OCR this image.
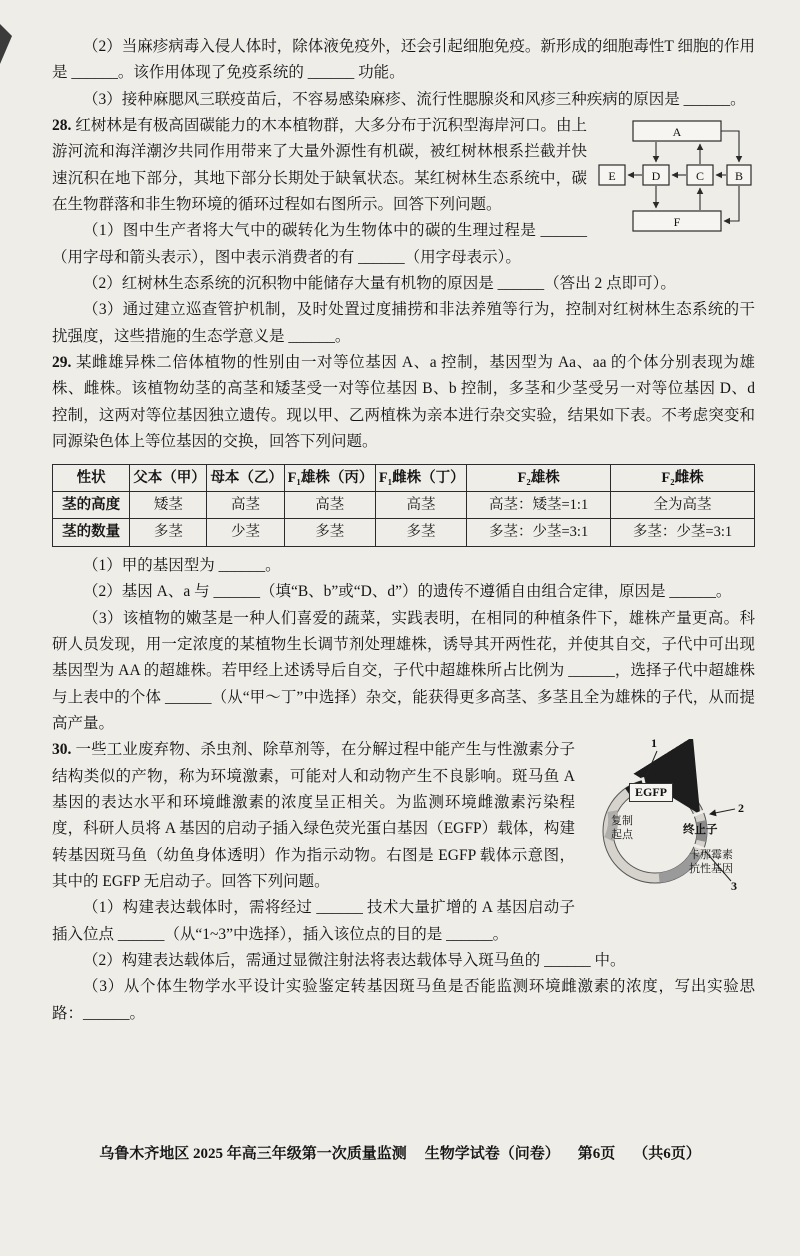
（2）当麻疹病毒入侵人体时，除体液免疫外，还会引起细胞免疫。新形成的细胞毒性T 细胞的作用是 ______。该作用体现了免疫系统的 ______ 功能。

（3）接种麻腮风三联疫苗后，不容易感染麻疹、流行性腮腺炎和风疹三种疾病的原因是 ______。

A
E	D	C	B
F

28. 红树林是有极高固碳能力的木本植物群，大多分布于沉积型海岸河口。由上游河流和海洋潮汐共同作用带来了大量外源性有机碳，被红树林根系拦截并快速沉积在地下部分，其地下部分长期处于缺氧状态。某红树林生态系统中，碳在生物群落和非生物环境的循环过程如右图所示。回答下列问题。

（1）图中生产者将大气中的碳转化为生物体中的碳的生理过程是 ______（用字母和箭头表示），图中表示消费者的有 ______（用字母表示）。

（2）红树林生态系统的沉积物中能储存大量有机物的原因是 ______（答出 2 点即可）。

（3）通过建立巡查管护机制，及时处置过度捕捞和非法养殖等行为，控制对红树林生态系统的干扰强度，这些措施的生态学意义是 ______。

29. 某雌雄异株二倍体植物的性别由一对等位基因 A、a 控制，基因型为 Aa、aa 的个体分别表现为雄株、雌株。该植物幼茎的高茎和矮茎受一对等位基因 B、b 控制，多茎和少茎受另一对等位基因 D、d 控制，这两对等位基因独立遗传。现以甲、乙两植株为亲本进行杂交实验，结果如下表。不考虑突变和同源染色体上等位基因的交换，回答下列问题。

性状	父本（甲）	母本（乙）	F₁雄株（丙）	F₁雌株（丁）	F₂雄株	F₂雌株
茎的高度	矮茎	高茎	高茎	高茎	高茎：矮茎=1:1	全为高茎
茎的数量	多茎	少茎	多茎	多茎	多茎：少茎=3:1	多茎：少茎=3:1

（1）甲的基因型为 ______。

（2）基因 A、a 与 ______（填“B、b”或“D、d”）的遗传不遵循自由组合定律，原因是 ______。

（3）该植物的嫩茎是一种人们喜爱的蔬菜，实践表明，在相同的种植条件下，雄株产量更高。科研人员发现，用一定浓度的某植物生长调节剂处理雄株，诱导其开两性花，并使其自交，子代中可出现基因型为 AA 的超雄株。若甲经上述诱导后自交，子代中超雄株所占比例为 ______，选择子代中超雄株与上表中的个体 ______（从“甲～丁”中选择）杂交，能获得更多高茎、多茎且全为雄株的子代，从而提高产量。

1
2
3
EGFP
复制起点	终止子
卡那霉素抗性基因

30. 一些工业废弃物、杀虫剂、除草剂等，在分解过程中能产生与性激素分子结构类似的产物，称为环境激素，可能对人和动物产生不良影响。斑马鱼 A 基因的表达水平和环境雌激素的浓度呈正相关。为监测环境雌激素污染程度，科研人员将 A 基因的启动子插入绿色荧光蛋白基因（EGFP）载体，构建转基因斑马鱼（幼鱼身体透明）作为指示动物。右图是 EGFP 载体示意图，其中的 EGFP 无启动子。回答下列问题。

（1）构建表达载体时，需将经过 ______ 技术大量扩增的 A 基因启动子插入位点 ______（从“1~3”中选择），插入该位点的目的是 ______。

（2）构建表达载体后，需通过显微注射法将表达载体导入斑马鱼的 ______ 中。

（3）从个体生物学水平设计实验鉴定转基因斑马鱼是否能监测环境雌激素的浓度，写出实验思路：______。

乌鲁木齐地区 2025 年高三年级第一次质量监测 生物学试卷（问卷） 第6页 （共6页）
